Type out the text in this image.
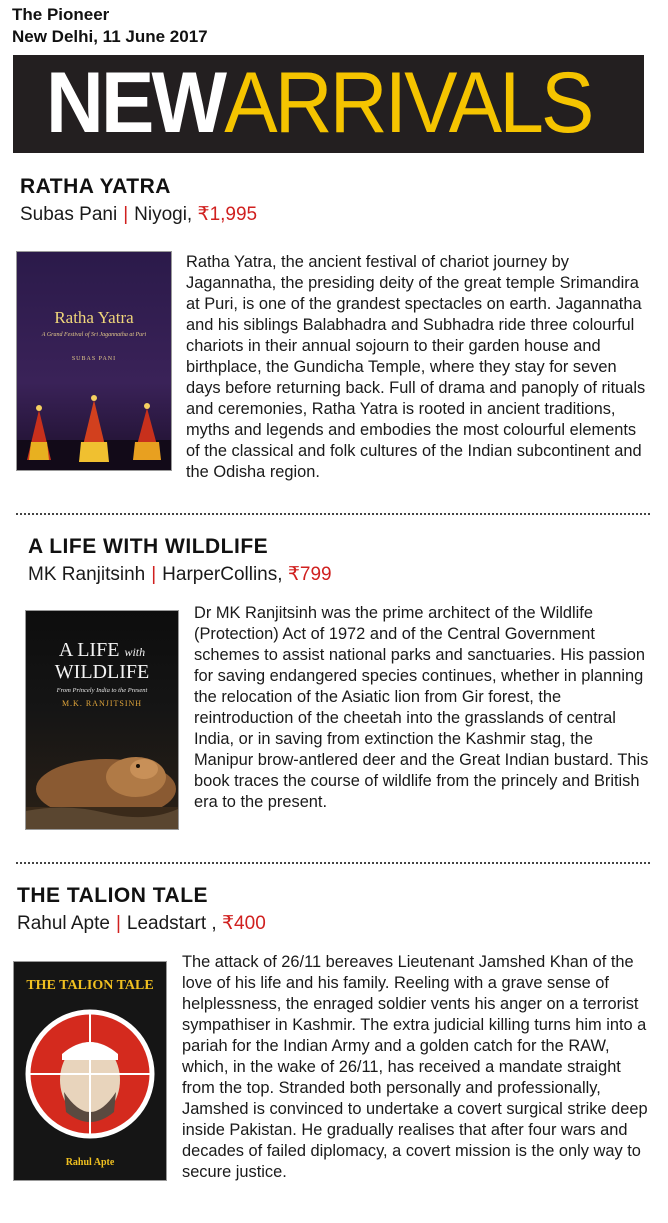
The Pioneer
New Delhi, 11 June 2017
NEWARRIVALS
RATHA YATRA
Subas Pani | Niyogi, ₹1,995
Ratha Yatra
A Grand Festival of Sri Jagannatha at Puri
SUBAS PANI

Ratha Yatra, the ancient festival of chariot journey by Jagannatha, the presiding deity of the great temple Srimandira at Puri, is one of the grandest spectacles on earth. Jagannatha and his siblings Balabhadra and Subhadra ride three colourful chariots in their annual sojourn to their garden house and birthplace, the Gundicha Temple, where they stay for seven days before returning back. Full of drama and panoply of rituals and ceremonies, Ratha Yatra is rooted in ancient traditions, myths and legends and embodies the most colourful elements of the classical and folk cultures of the Indian subcontinent and the Odisha region.

A LIFE WITH WILDLIFE
MK Ranjitsinh | HarperCollins, ₹799
A LIFE with
WILDLIFE
From Princely India to the Present
M.K. RANJITSINH

Dr MK Ranjitsinh was the prime architect of the Wildlife (Protection) Act of 1972 and of the Central Government schemes to assist national parks and sanctuaries. His passion for saving endangered species continues, whether in planning the relocation of the Asiatic lion from Gir forest, the reintroduction of the cheetah into the grasslands of central India, or in saving from extinction the Kashmir stag, the Manipur brow-antlered deer and the Great Indian bustard. This book traces the course of wildlife from the princely and British era to the present.

THE TALION TALE
Rahul Apte | Leadstart , ₹400
THE TALION TALE
Rahul Apte

The attack of 26/11 bereaves Lieutenant Jamshed Khan of the love of his life and his family. Reeling with a grave sense of helplessness, the enraged soldier vents his anger on a terrorist sympathiser in Kashmir. The extra judicial killing turns him into a pariah for the Indian Army and a golden catch for the RAW, which, in the wake of 26/11, has received a mandate straight from the top. Stranded both personally and professionally, Jamshed is convinced to undertake a covert surgical strike deep inside Pakistan. He gradually realises that after four wars and decades of failed diplomacy, a covert mission is the only way to secure justice.
